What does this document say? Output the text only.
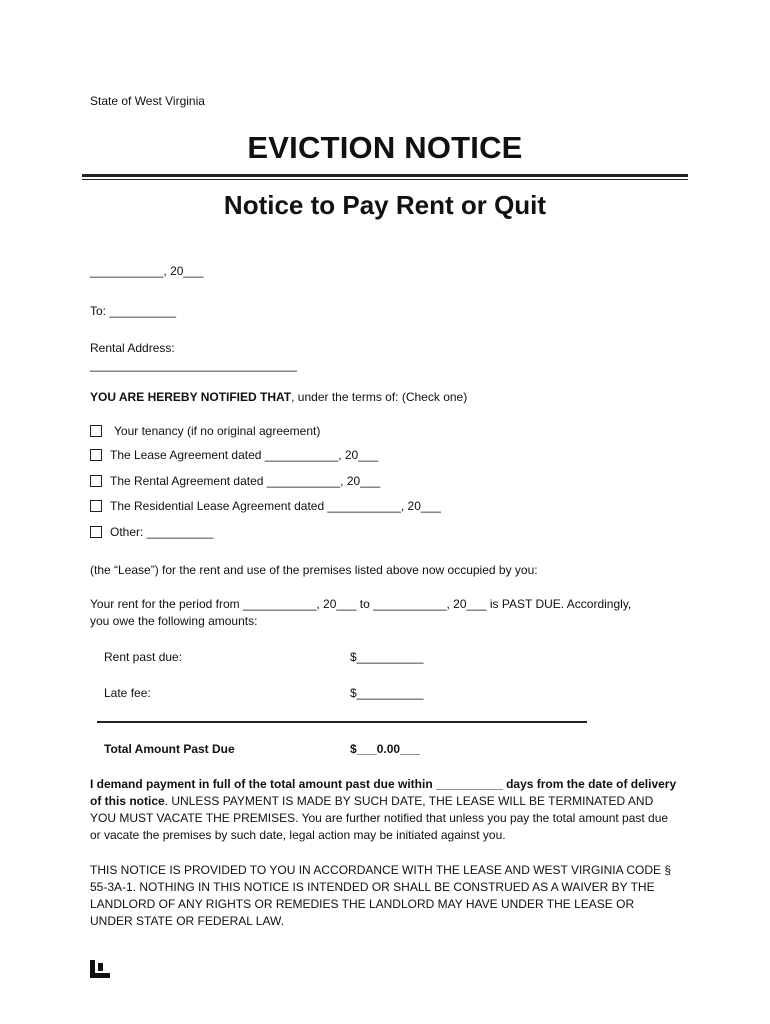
State of West Virginia
EVICTION NOTICE
Notice to Pay Rent or Quit
___________, 20___
To: __________
Rental Address:
_______________________________
YOU ARE HEREBY NOTIFIED THAT, under the terms of: (Check one)
Your tenancy (if no original agreement)
The Lease Agreement dated ___________, 20___
The Rental Agreement dated ___________, 20___
The Residential Lease Agreement dated ___________, 20___
Other: __________
(the “Lease”) for the rent and use of the premises listed above now occupied by you:
Your rent for the period from ___________, 20___ to ___________, 20___ is PAST DUE. Accordingly,
you owe the following amounts:
Rent past due:	$__________
Late fee:	$__________
Total Amount Past Due	$___0.00___
I demand payment in full of the total amount past due within __________ days from the date of delivery of this notice. UNLESS PAYMENT IS MADE BY SUCH DATE, THE LEASE WILL BE TERMINATED AND YOU MUST VACATE THE PREMISES. You are further notified that unless you pay the total amount past due or vacate the premises by such date, legal action may be initiated against you.
THIS NOTICE IS PROVIDED TO YOU IN ACCORDANCE WITH THE LEASE AND WEST VIRGINIA CODE § 55-3A-1. NOTHING IN THIS NOTICE IS INTENDED OR SHALL BE CONSTRUED AS A WAIVER BY THE LANDLORD OF ANY RIGHTS OR REMEDIES THE LANDLORD MAY HAVE UNDER THE LEASE OR UNDER STATE OR FEDERAL LAW.
